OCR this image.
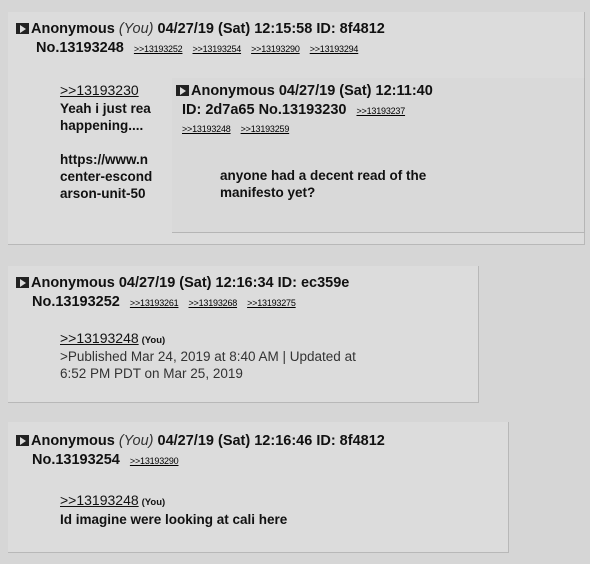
Anonymous (You) 04/27/19 (Sat) 12:15:58 ID: 8f4812
No.13193248 >>13193252 >>13193254 >>13193290 >>13193294
>>13193230
Yeah i just rea
happening....
https://www.n
center-escond
arson-unit-50
Anonymous 04/27/19 (Sat) 12:11:40
ID: 2d7a65 No.13193230 >>13193237
>>13193248 >>13193259
anyone had a decent read of the
manifesto yet?
Anonymous 04/27/19 (Sat) 12:16:34 ID: ec359e
No.13193252 >>13193261 >>13193268 >>13193275
>>13193248 (You)
>Published Mar 24, 2019 at 8:40 AM | Updated at
6:52 PM PDT on Mar 25, 2019
Anonymous (You) 04/27/19 (Sat) 12:16:46 ID: 8f4812
No.13193254 >>13193290
>>13193248 (You)
Id imagine were looking at cali here
